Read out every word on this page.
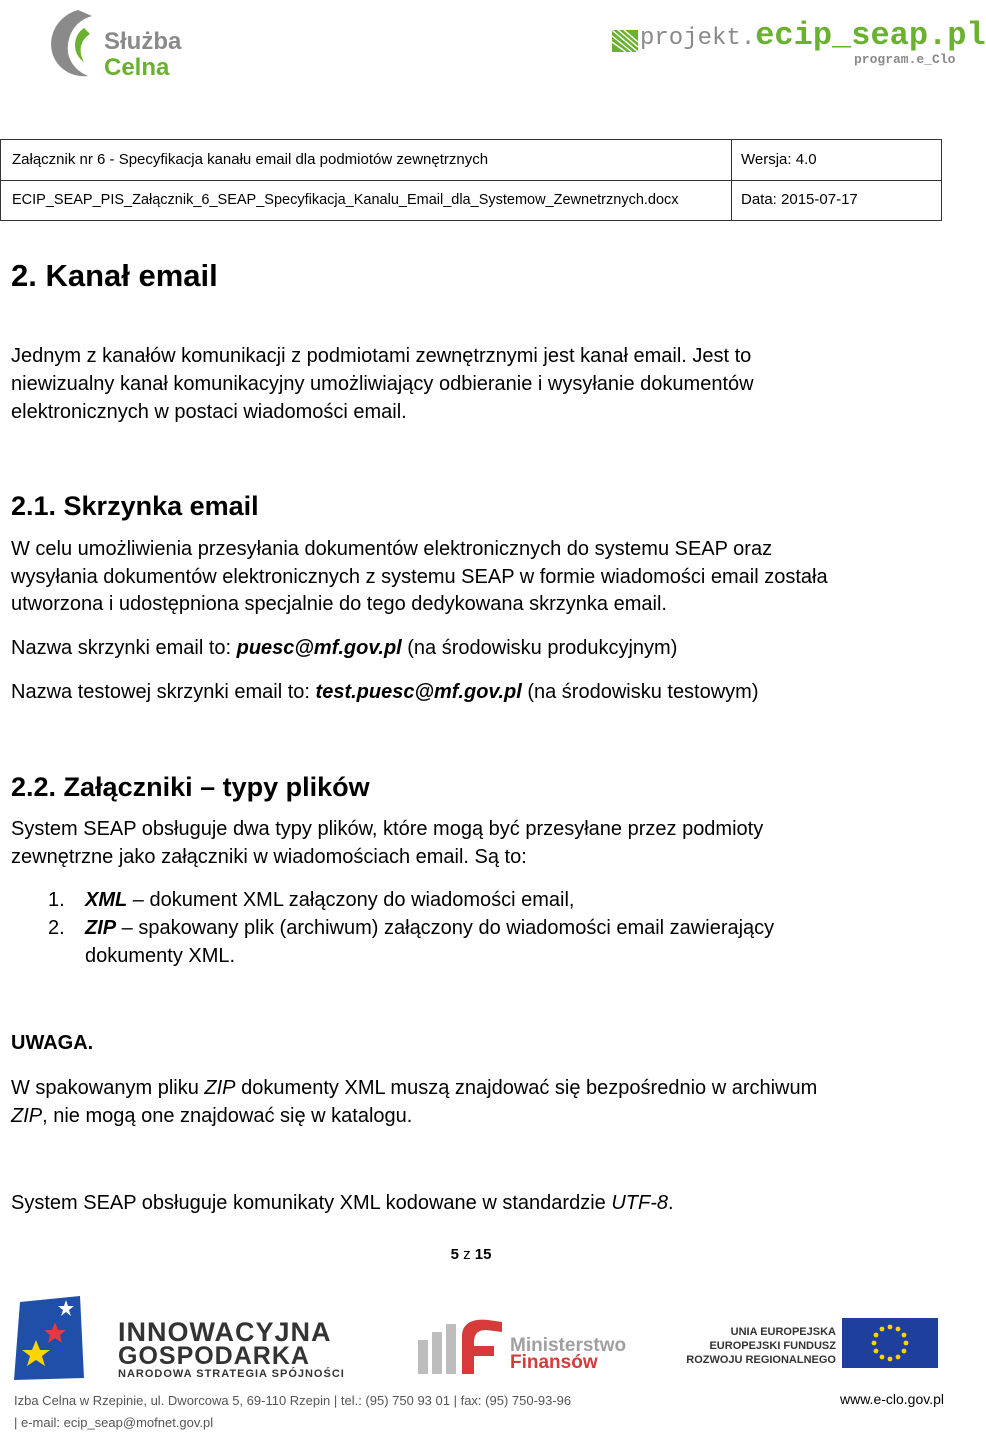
Służba
Celna
projekt.ecip_seap.pl
program.e_Clo
Załącznik nr 6 - Specyfikacja kanału email dla podmiotów zewnętrznych	Wersja: 4.0
ECIP_SEAP_PIS_Załącznik_6_SEAP_Specyfikacja_Kanalu_Email_dla_Systemow_Zewnetrznych.docx	Data: 2015-07-17
2. Kanał email
Jednym z kanałów komunikacji z podmiotami zewnętrznymi jest kanał email. Jest to
niewizualny kanał komunikacyjny umożliwiający odbieranie i wysyłanie dokumentów
elektronicznych w postaci wiadomości email.
2.1. Skrzynka email
W celu umożliwienia przesyłania dokumentów elektronicznych do systemu SEAP oraz
wysyłania dokumentów elektronicznych z systemu SEAP w formie wiadomości email została
utworzona i udostępniona specjalnie do tego dedykowana skrzynka email.
Nazwa skrzynki email to: puesc@mf.gov.pl (na środowisku produkcyjnym)
Nazwa testowej skrzynki email to: test.puesc@mf.gov.pl (na środowisku testowym)
2.2. Załączniki – typy plików
System SEAP obsługuje dwa typy plików, które mogą być przesyłane przez podmioty
zewnętrzne jako załączniki w wiadomościach email. Są to:
1. XML – dokument XML załączony do wiadomości email,
2. ZIP – spakowany plik (archiwum) załączony do wiadomości email zawierający
dokumenty XML.
UWAGA.
W spakowanym pliku ZIP dokumenty XML muszą znajdować się bezpośrednio w archiwum
ZIP, nie mogą one znajdować się w katalogu.
System SEAP obsługuje komunikaty XML kodowane w standardzie UTF-8.
5 z 15
INNOWACYJNA
GOSPODARKA
NARODOWA STRATEGIA SPÓJNOŚCI
Ministerstwo
Finansów
UNIA EUROPEJSKA
EUROPEJSKI FUNDUSZ
ROZWOJU REGIONALNEGO
Izba Celna w Rzepinie, ul. Dworcowa 5, 69-110 Rzepin | tel.: (95) 750 93 01 | fax: (95) 750-93-96
| e-mail: ecip_seap@mofnet.gov.pl
www.e-clo.gov.pl
